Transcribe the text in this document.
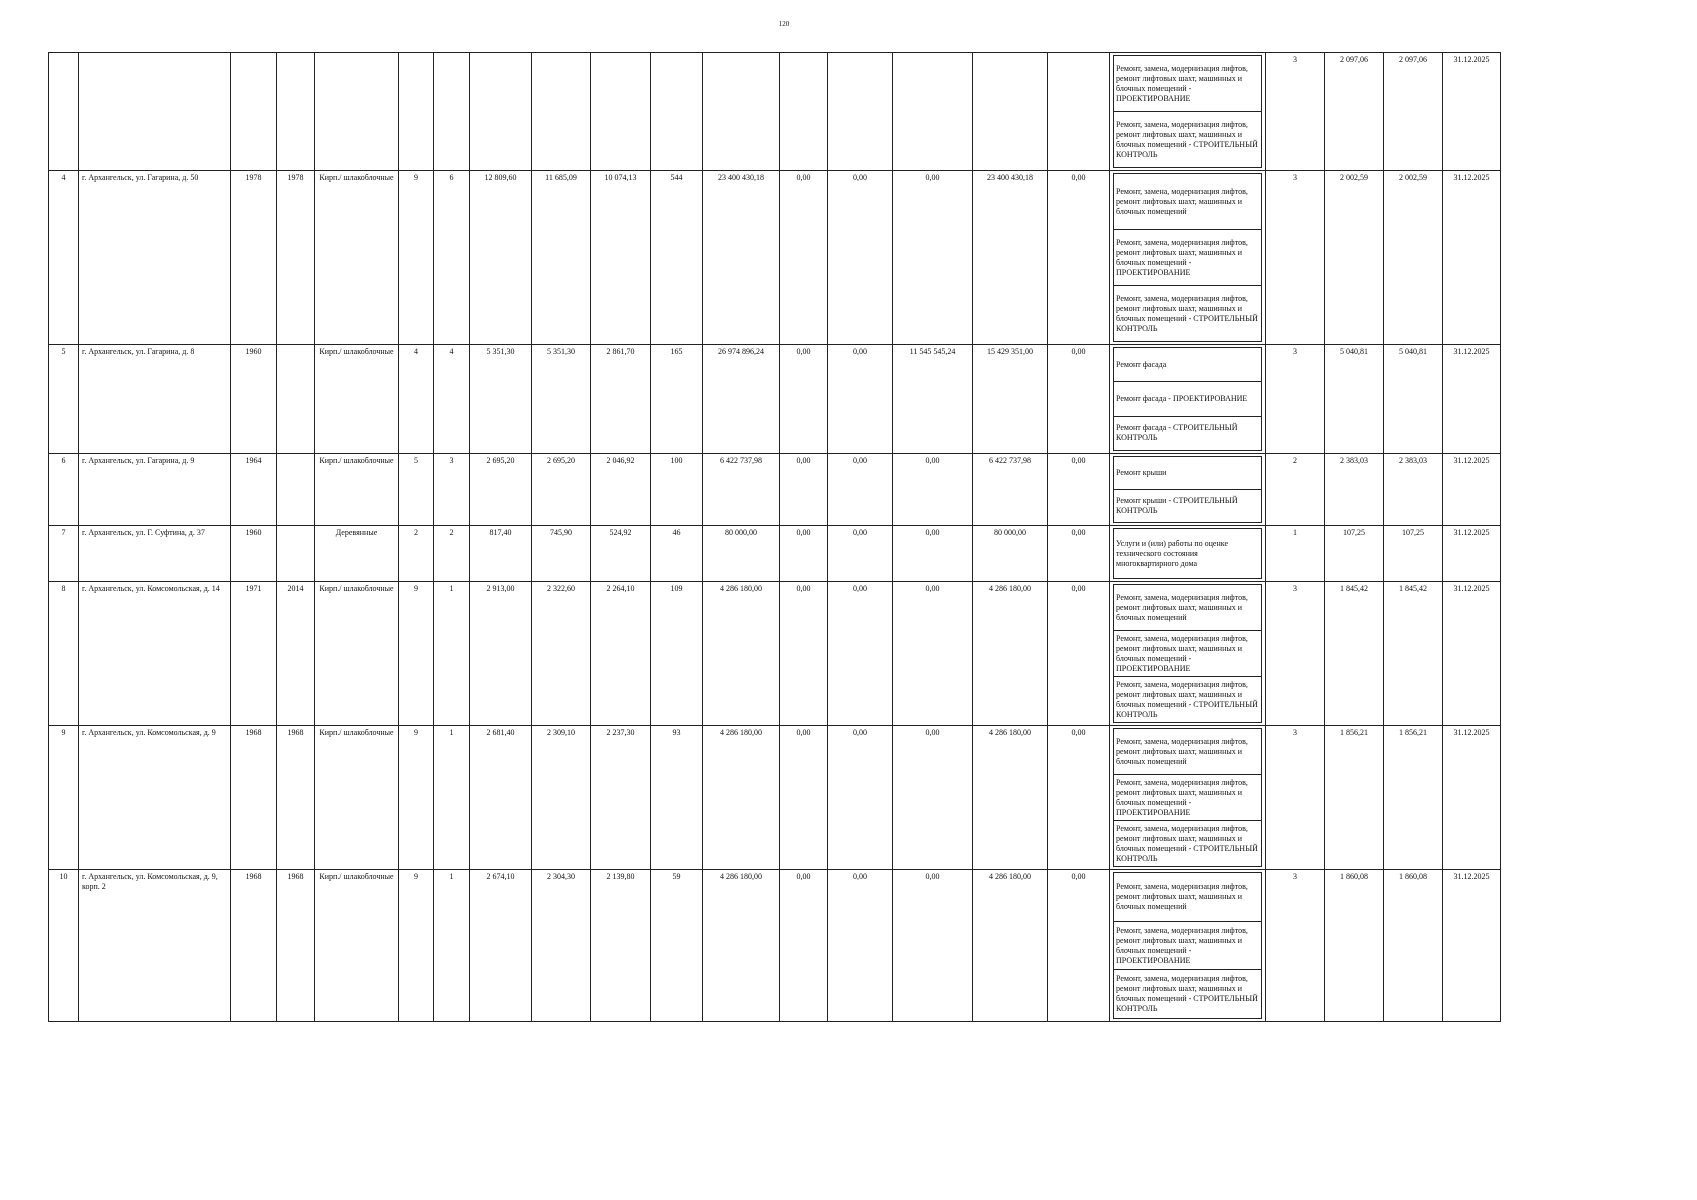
120

																	Ремонт, замена, модернизация лифтов, ремонт лифтовых шахт, машинных и блочных помещений - ПРОЕКТИРОВАНИЕ
Ремонт, замена, модернизация лифтов, ремонт лифтовых шахт, машинных и блочных помещений - СТРОИТЕЛЬНЫЙ КОНТРОЛЬ	3	2 097,06	2 097,06	31.12.2025
4	г. Архангельск, ул. Гагарина, д. 50	1978	1978	Кирп./ шлакоблочные	9	6	12 809,60	11 685,09	10 074,13	544	23 400 430,18	0,00	0,00	0,00	23 400 430,18	0,00	Ремонт, замена, модернизация лифтов, ремонт лифтовых шахт, машинных и блочных помещений
Ремонт, замена, модернизация лифтов, ремонт лифтовых шахт, машинных и блочных помещений - ПРОЕКТИРОВАНИЕ
Ремонт, замена, модернизация лифтов, ремонт лифтовых шахт, машинных и блочных помещений - СТРОИТЕЛЬНЫЙ КОНТРОЛЬ	3	2 002,59	2 002,59	31.12.2025
5	г. Архангельск, ул. Гагарина, д. 8	1960		Кирп./ шлакоблочные	4	4	5 351,30	5 351,30	2 861,70	165	26 974 896,24	0,00	0,00	11 545 545,24	15 429 351,00	0,00	Ремонт фасада
Ремонт фасада - ПРОЕКТИРОВАНИЕ
Ремонт фасада - СТРОИТЕЛЬНЫЙ КОНТРОЛЬ	3	5 040,81	5 040,81	31.12.2025
6	г. Архангельск, ул. Гагарина, д. 9	1964		Кирп./ шлакоблочные	5	3	2 695,20	2 695,20	2 046,92	100	6 422 737,98	0,00	0,00	0,00	6 422 737,98	0,00	Ремонт крыши
Ремонт крыши - СТРОИТЕЛЬНЫЙ КОНТРОЛЬ	2	2 383,03	2 383,03	31.12.2025
7	г. Архангельск, ул. Г. Суфтина, д. 37	1960		Деревянные	2	2	817,40	745,90	524,92	46	80 000,00	0,00	0,00	0,00	80 000,00	0,00	Услуги и (или) работы по оценке технического состояния многоквартирного дома	1	107,25	107,25	31.12.2025
8	г. Архангельск, ул. Комсомольская, д. 14	1971	2014	Кирп./ шлакоблочные	9	1	2 913,00	2 322,60	2 264,10	109	4 286 180,00	0,00	0,00	0,00	4 286 180,00	0,00	Ремонт, замена, модернизация лифтов, ремонт лифтовых шахт, машинных и блочных помещений
Ремонт, замена, модернизация лифтов, ремонт лифтовых шахт, машинных и блочных помещений - ПРОЕКТИРОВАНИЕ
Ремонт, замена, модернизация лифтов, ремонт лифтовых шахт, машинных и блочных помещений - СТРОИТЕЛЬНЫЙ КОНТРОЛЬ	3	1 845,42	1 845,42	31.12.2025
9	г. Архангельск, ул. Комсомольская, д. 9	1968	1968	Кирп./ шлакоблочные	9	1	2 681,40	2 309,10	2 237,30	93	4 286 180,00	0,00	0,00	0,00	4 286 180,00	0,00	Ремонт, замена, модернизация лифтов, ремонт лифтовых шахт, машинных и блочных помещений
Ремонт, замена, модернизация лифтов, ремонт лифтовых шахт, машинных и блочных помещений - ПРОЕКТИРОВАНИЕ
Ремонт, замена, модернизация лифтов, ремонт лифтовых шахт, машинных и блочных помещений - СТРОИТЕЛЬНЫЙ КОНТРОЛЬ	3	1 856,21	1 856,21	31.12.2025
10	г. Архангельск, ул. Комсомольская, д. 9, корп. 2	1968	1968	Кирп./ шлакоблочные	9	1	2 674,10	2 304,30	2 139,80	59	4 286 180,00	0,00	0,00	0,00	4 286 180,00	0,00	Ремонт, замена, модернизация лифтов, ремонт лифтовых шахт, машинных и блочных помещений
Ремонт, замена, модернизация лифтов, ремонт лифтовых шахт, машинных и блочных помещений - ПРОЕКТИРОВАНИЕ
Ремонт, замена, модернизация лифтов, ремонт лифтовых шахт, машинных и блочных помещений - СТРОИТЕЛЬНЫЙ КОНТРОЛЬ	3	1 860,08	1 860,08	31.12.2025
